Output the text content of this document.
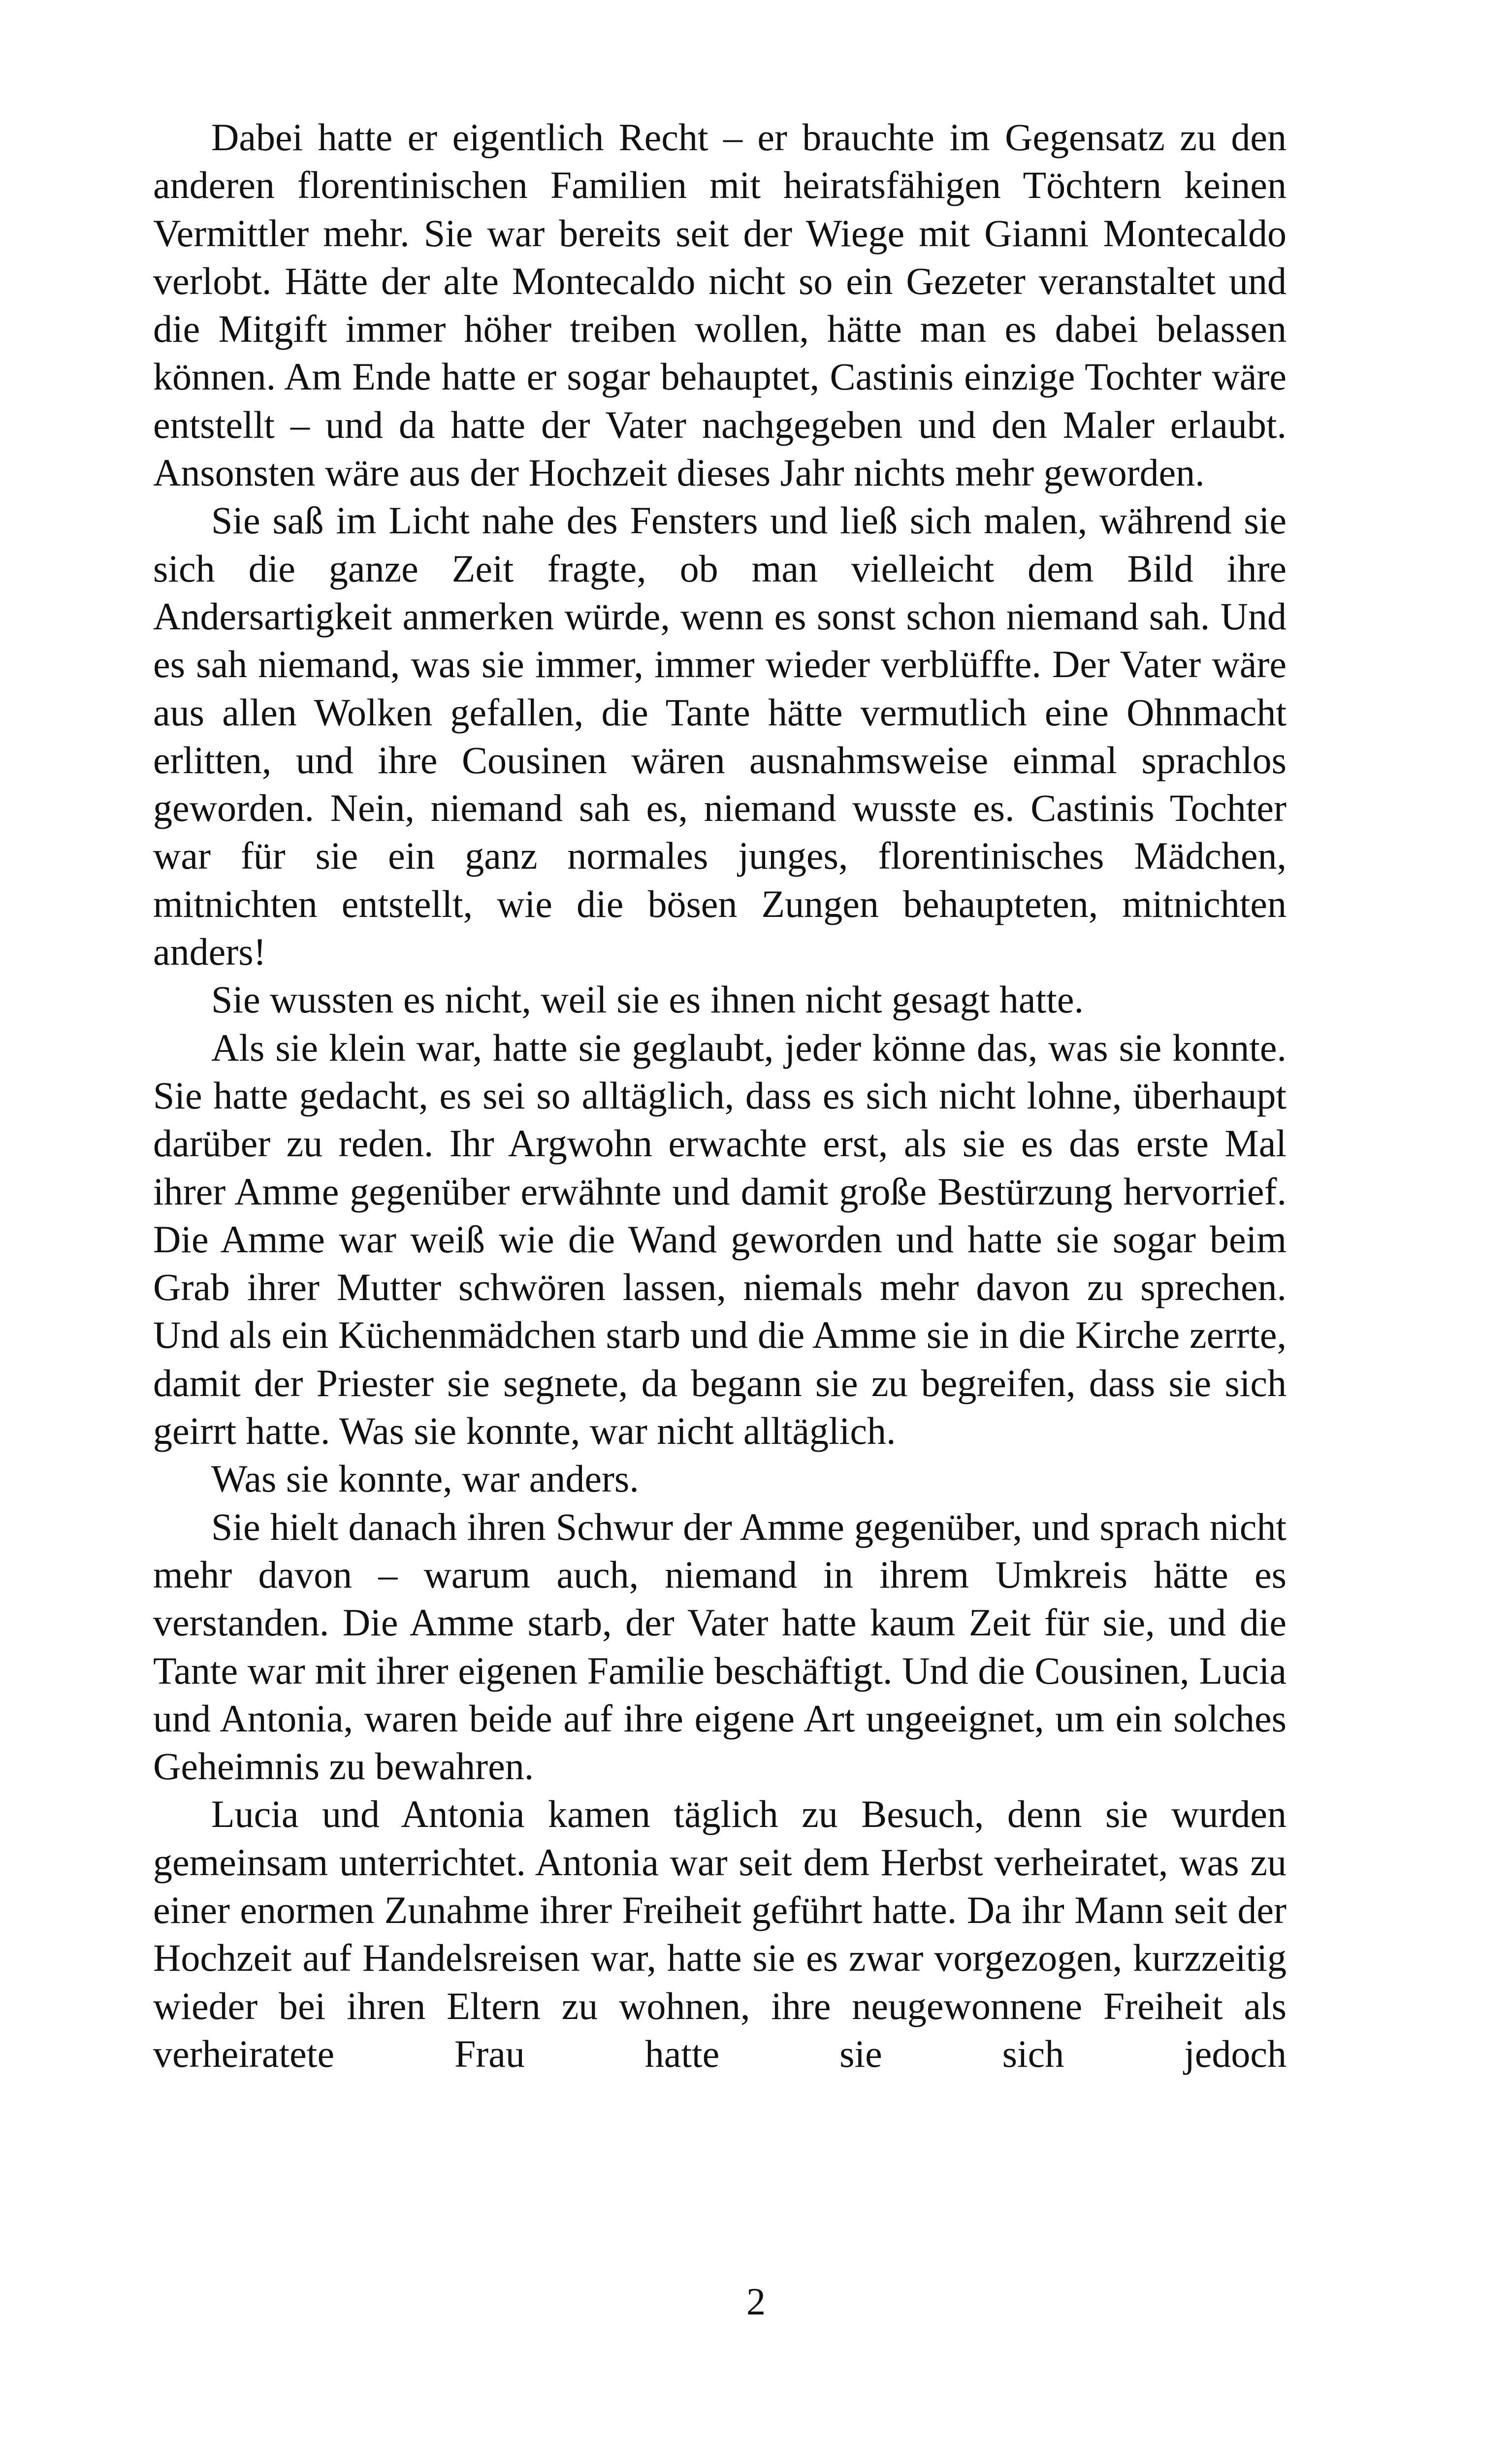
Dabei hatte er eigentlich Recht – er brauchte im Gegensatz zu den anderen florentinischen Familien mit heiratsfähigen Töchtern keinen Vermittler mehr. Sie war bereits seit der Wiege mit Gianni Montecaldo verlobt. Hätte der alte Montecaldo nicht so ein Gezeter veranstaltet und die Mitgift immer höher treiben wollen, hätte man es dabei belassen können. Am Ende hatte er sogar behauptet, Castinis einzige Tochter wäre entstellt – und da hatte der Vater nachgegeben und den Maler erlaubt. Ansonsten wäre aus der Hochzeit dieses Jahr nichts mehr geworden.

Sie saß im Licht nahe des Fensters und ließ sich malen, während sie sich die ganze Zeit fragte, ob man vielleicht dem Bild ihre Andersartigkeit anmerken würde, wenn es sonst schon niemand sah. Und es sah niemand, was sie immer, immer wieder verblüffte. Der Vater wäre aus allen Wolken gefallen, die Tante hätte vermutlich eine Ohnmacht erlitten, und ihre Cousinen wären ausnahmsweise einmal sprachlos geworden. Nein, niemand sah es, niemand wusste es. Castinis Tochter war für sie ein ganz normales junges, florentinisches Mädchen, mitnichten entstellt, wie die bösen Zungen behaupteten, mitnichten anders!

Sie wussten es nicht, weil sie es ihnen nicht gesagt hatte.

Als sie klein war, hatte sie geglaubt, jeder könne das, was sie konnte. Sie hatte gedacht, es sei so alltäglich, dass es sich nicht lohne, überhaupt darüber zu reden. Ihr Argwohn erwachte erst, als sie es das erste Mal ihrer Amme gegenüber erwähnte und damit große Bestürzung hervorrief. Die Amme war weiß wie die Wand geworden und hatte sie sogar beim Grab ihrer Mutter schwören lassen, niemals mehr davon zu sprechen. Und als ein Küchenmädchen starb und die Amme sie in die Kirche zerrte, damit der Priester sie segnete, da begann sie zu begreifen, dass sie sich geirrt hatte. Was sie konnte, war nicht alltäglich.

Was sie konnte, war anders.

Sie hielt danach ihren Schwur der Amme gegenüber, und sprach nicht mehr davon – warum auch, niemand in ihrem Umkreis hätte es verstanden. Die Amme starb, der Vater hatte kaum Zeit für sie, und die Tante war mit ihrer eigenen Familie beschäftigt. Und die Cousinen, Lucia und Antonia, waren beide auf ihre eigene Art ungeeignet, um ein solches Geheimnis zu bewahren.

Lucia und Antonia kamen täglich zu Besuch, denn sie wurden gemeinsam unterrichtet. Antonia war seit dem Herbst verheiratet, was zu einer enormen Zunahme ihrer Freiheit geführt hatte. Da ihr Mann seit der Hochzeit auf Handelsreisen war, hatte sie es zwar vorgezogen, kurzzeitig wieder bei ihren Eltern zu wohnen, ihre neugewonnene Freiheit als verheiratete Frau hatte sie sich jedoch

2
